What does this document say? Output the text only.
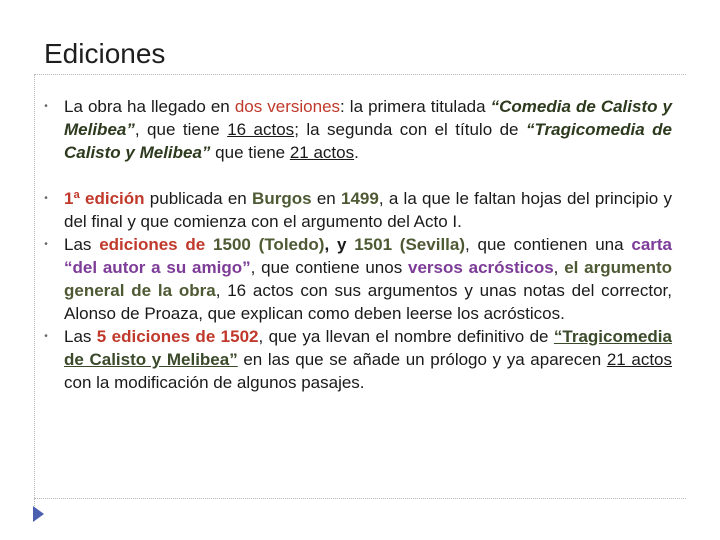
Ediciones
• La obra ha llegado en dos versiones: la primera titulada “Comedia de Calisto y Melibea”, que tiene 16 actos; la segunda con el título de “Tragicomedia de Calisto y Melibea” que tiene 21 actos.
• 1ª edición publicada en Burgos en 1499, a la que le faltan hojas del principio y del final y que comienza con el argumento del Acto I.
• Las ediciones de 1500 (Toledo), y 1501 (Sevilla), que contienen una carta “del autor a su amigo”, que contiene unos versos acrósticos, el argumento general de la obra, 16 actos con sus argumentos y unas notas del corrector, Alonso de Proaza, que explican como deben leerse los acrósticos.
• Las 5 ediciones de 1502, que ya llevan el nombre definitivo de “Tragicomedia de Calisto y Melibea” en las que se añade un prólogo y ya aparecen 21 actos con la modificación de algunos pasajes.
